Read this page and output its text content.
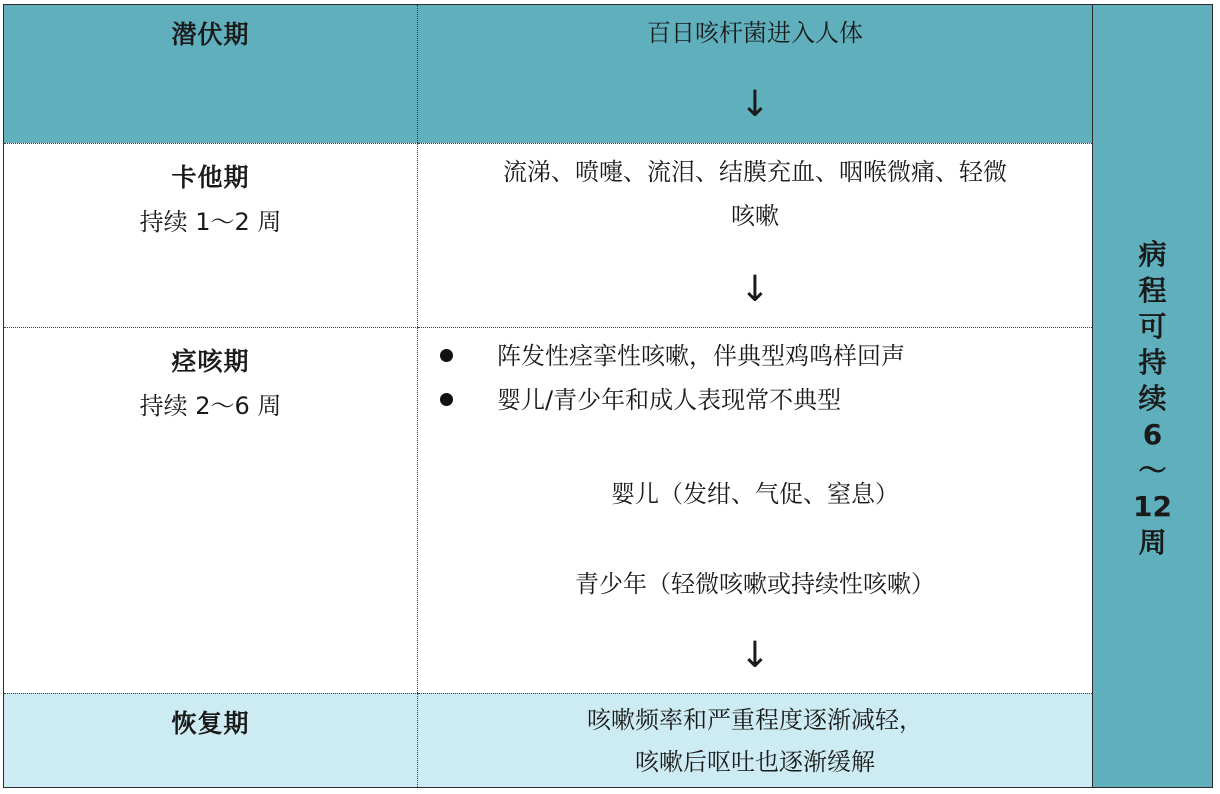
潜伏期	百日咳杆菌进入人体
↓
卡他期
持续 1～2 周
流涕、喷嚏、流泪、结膜充血、咽喉微痛、轻微
咳嗽
↓
痉咳期
持续 2～6 周
阵发性痉挛性咳嗽，伴典型鸡鸣样回声
婴儿/青少年和成人表现常不典型
婴儿（发绀、气促、窒息）
青少年（轻微咳嗽或持续性咳嗽）
↓
恢复期	咳嗽频率和严重程度逐渐减轻，
咳嗽后呕吐也逐渐缓解
病
程
可
持
续
6
～
12
周
